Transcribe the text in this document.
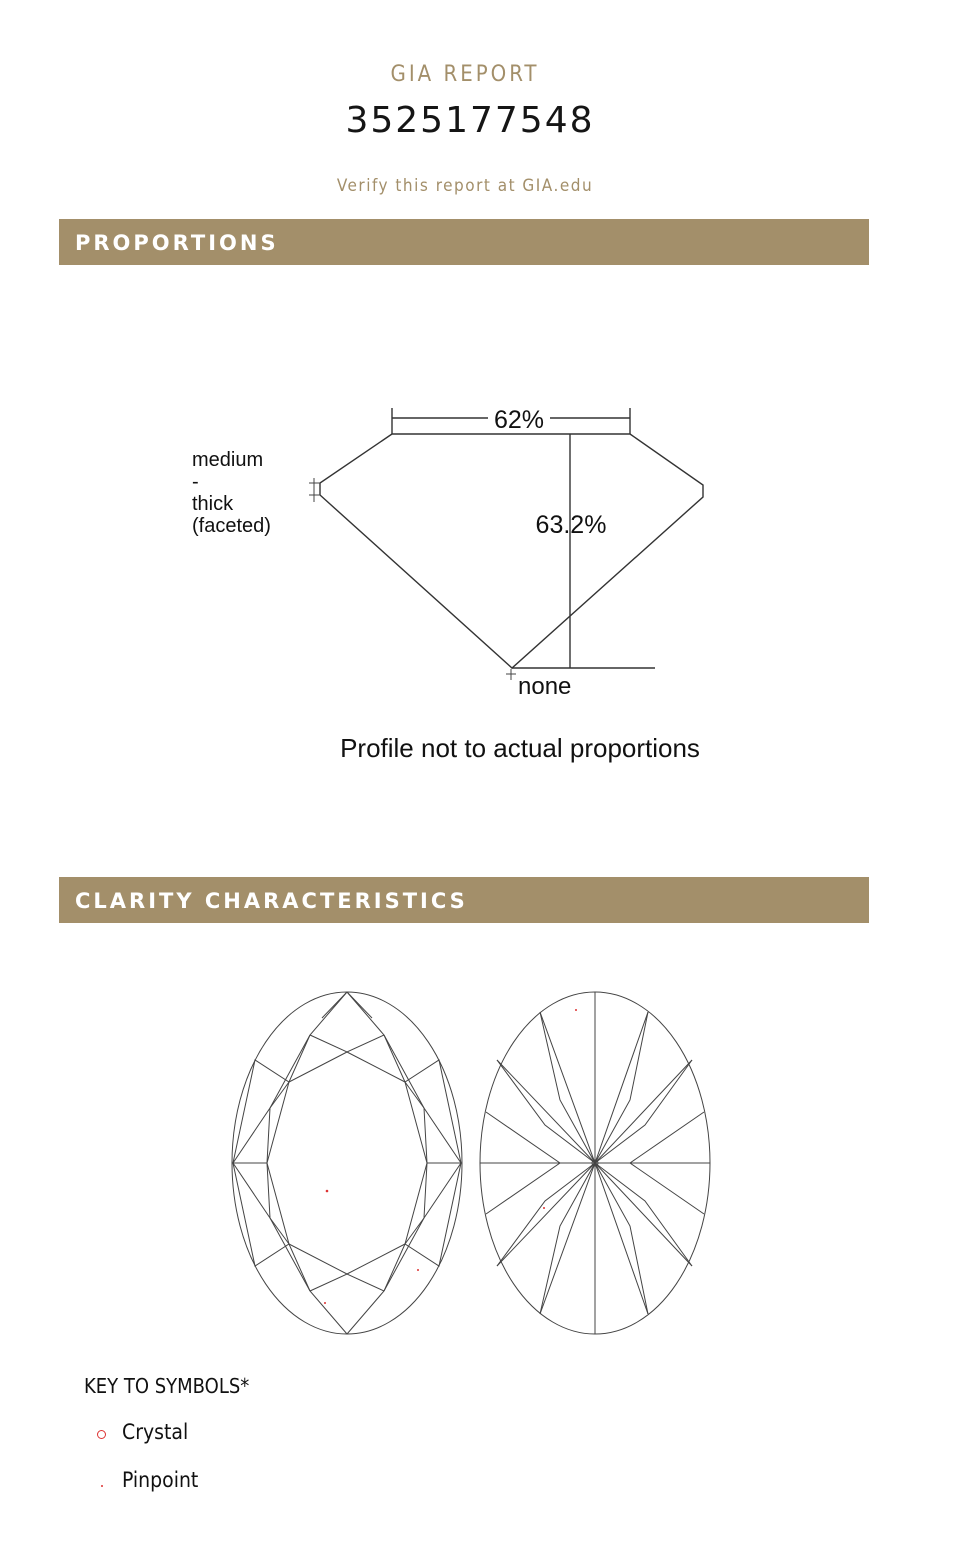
GIA REPORT
3525177548
Verify this report at GIA.edu
PROPORTIONS
62%
63.2%
none
medium
-
thick
(faceted)
Profile not to actual proportions
CLARITY CHARACTERISTICS
KEY TO SYMBOLS*
Crystal
Pinpoint
